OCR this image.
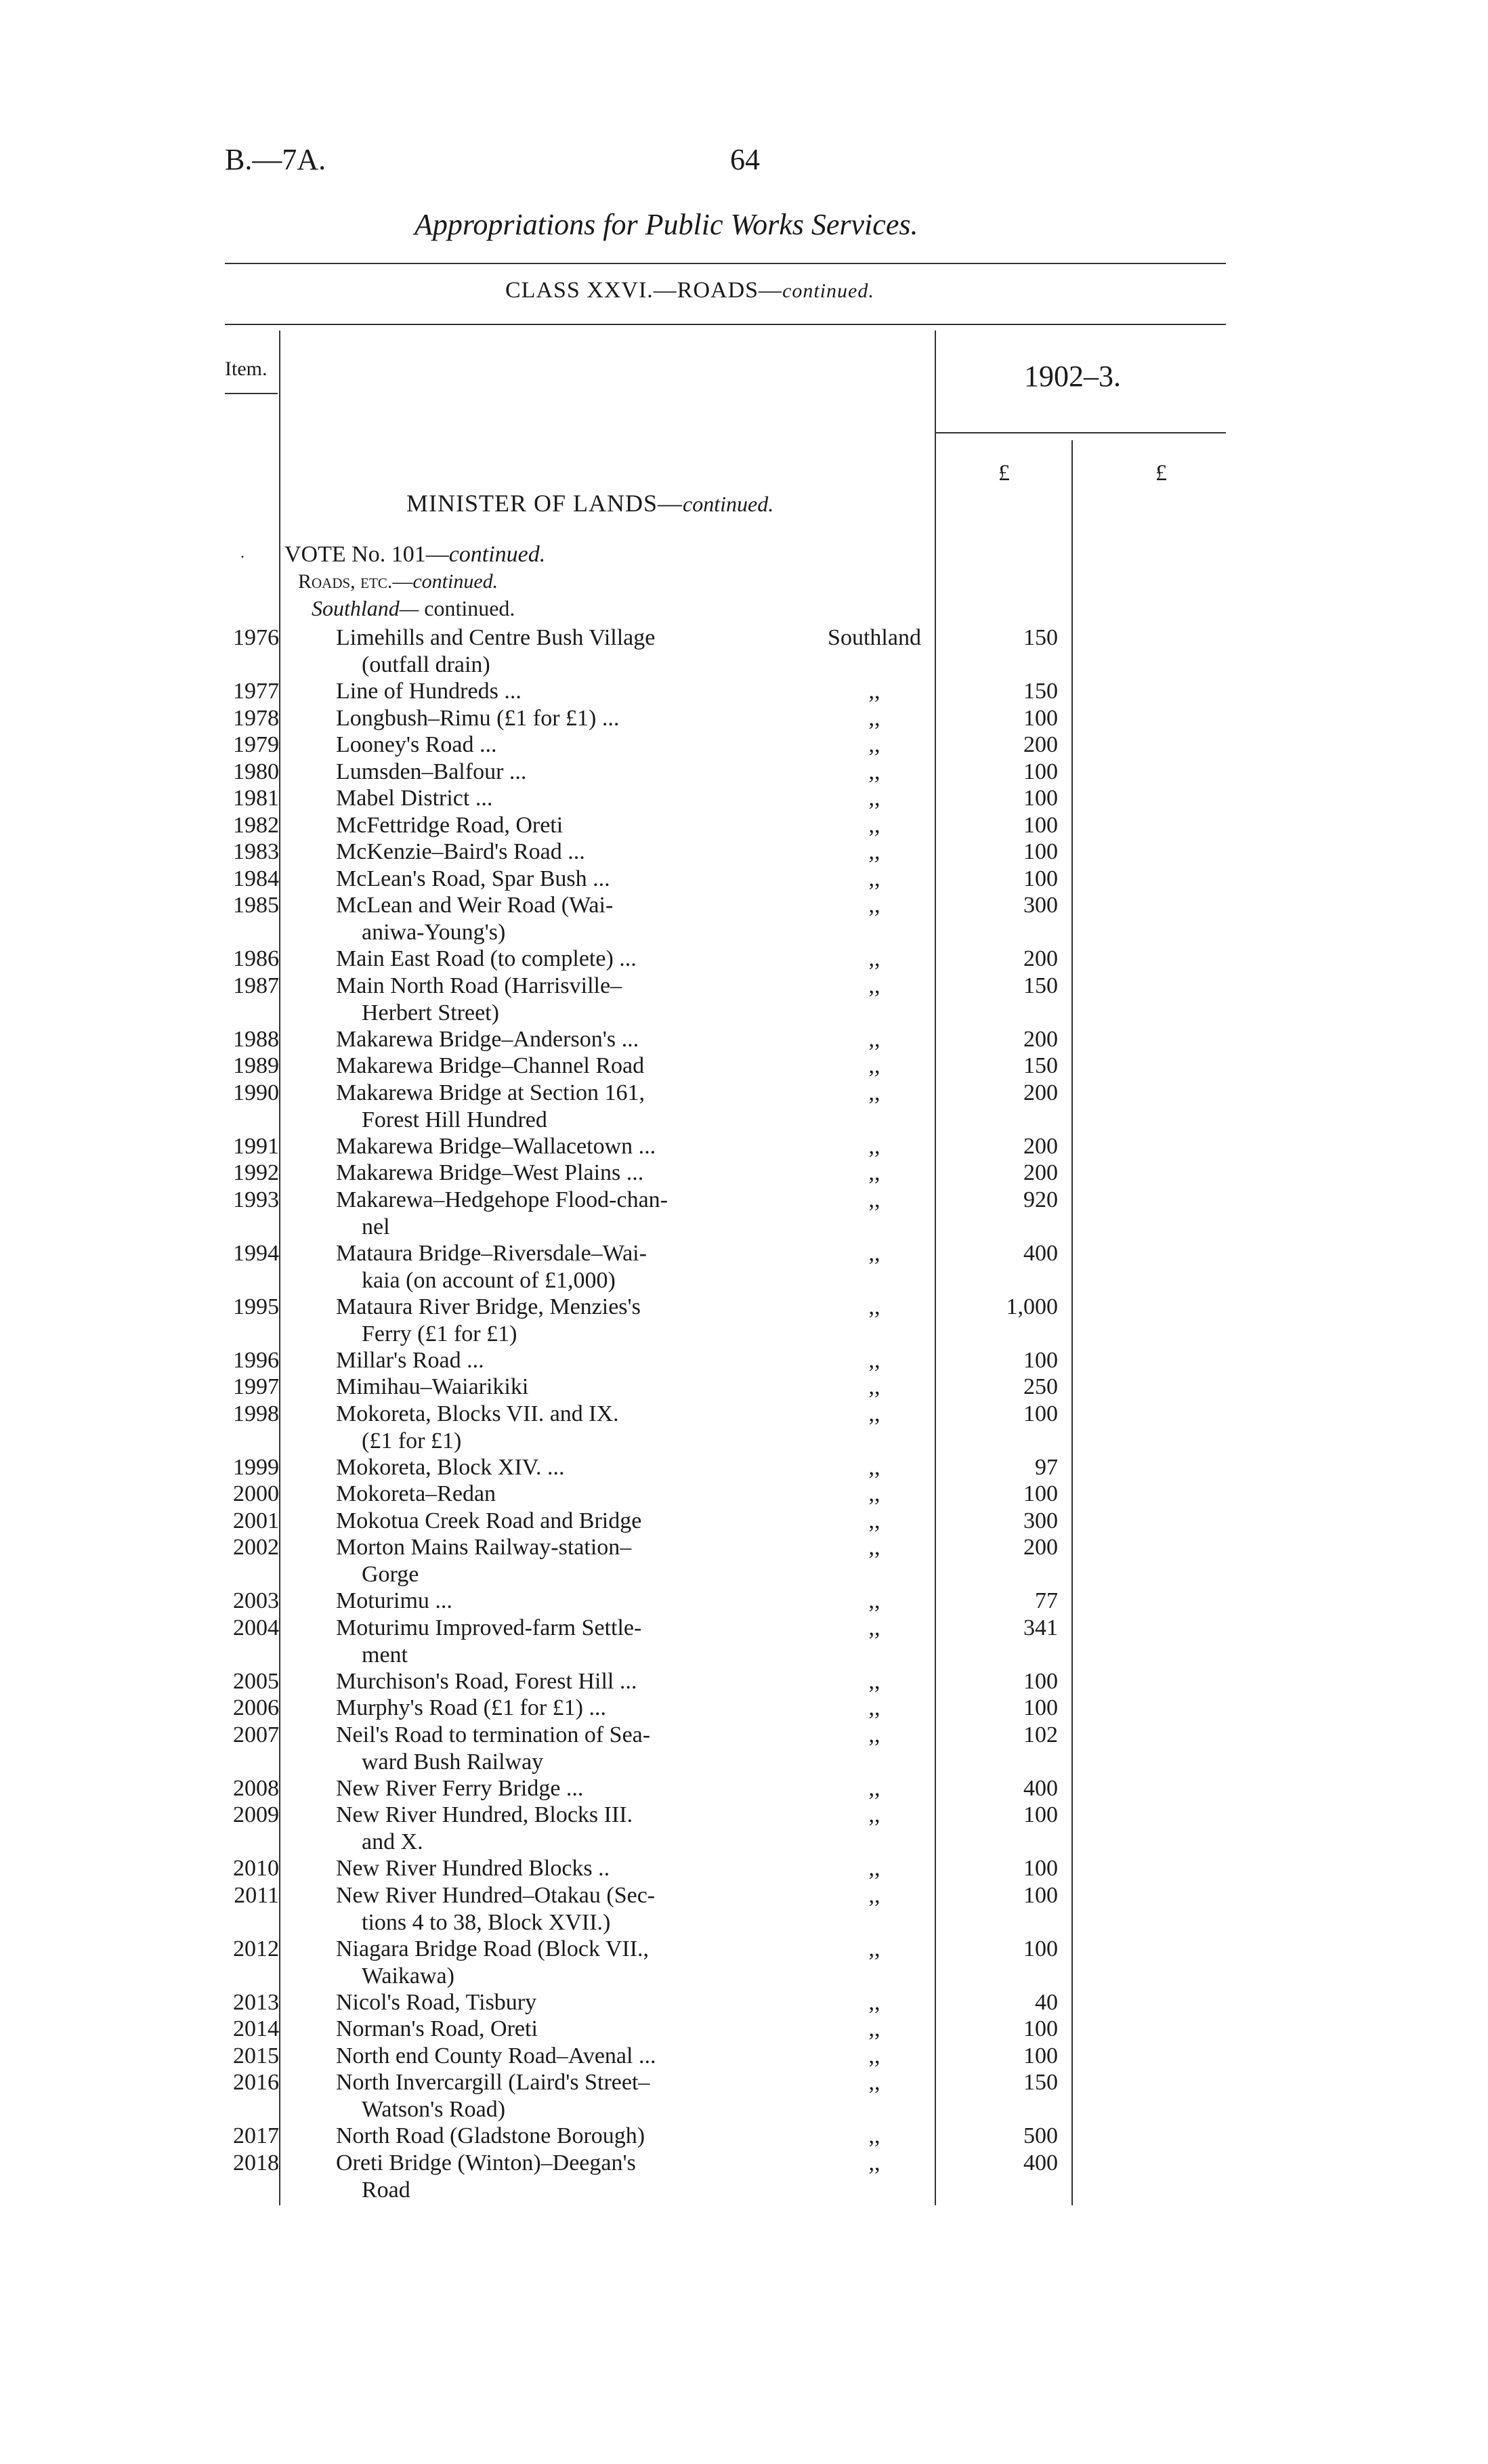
B.—7A.	64
Appropriations for Public Works Services.
CLASS XXVI.—ROADS—continued.
Item.	1902–3.
£	£
MINISTER OF LANDS—continued.
· VOTE No. 101—continued.
Roads, etc.—continued.
Southland— continued.
1976 Limehills and Centre Bush Village
(outfall drain)
Southland	150
1977 Line of Hundreds ...	,,	150
1978 Longbush–Rimu (£1 for £1) ...	,,	100
1979 Looney's Road ...	,,	200
1980 Lumsden–Balfour ...	,,	100
1981 Mabel District ...	,,	100
1982 McFettridge Road, Oreti	,,	100
1983 McKenzie–Baird's Road ...	,,	100
1984 McLean's Road, Spar Bush ...	,,	100
1985 McLean and Weir Road (Wai-
aniwa-Young's)
,,	300
1986 Main East Road (to complete) ...	,,	200
1987 Main North Road (Harrisville–
Herbert Street)
,,	150
1988 Makarewa Bridge–Anderson's ...	,,	200
1989 Makarewa Bridge–Channel Road	,,	150
1990 Makarewa Bridge at Section 161,
Forest Hill Hundred
,,	200
1991 Makarewa Bridge–Wallacetown ...	,,	200
1992 Makarewa Bridge–West Plains ...	,,	200
1993 Makarewa–Hedgehope Flood-chan-
nel
,,	920
1994 Mataura Bridge–Riversdale–Wai-
kaia (on account of £1,000)
,,	400
1995 Mataura River Bridge, Menzies's
Ferry (£1 for £1)
,,	1,000
1996 Millar's Road ...	,,	100
1997 Mimihau–Waiarikiki	,,	250
1998 Mokoreta, Blocks VII. and IX.
(£1 for £1)
,,	100
1999 Mokoreta, Block XIV. ...	,,	97
2000 Mokoreta–Redan	,,	100
2001 Mokotua Creek Road and Bridge	,,	300
2002 Morton Mains Railway-station–
Gorge
,,	200
2003 Moturimu ...	,,	77
2004 Moturimu Improved-farm Settle-
ment
,,	341
2005 Murchison's Road, Forest Hill ...	,,	100
2006 Murphy's Road (£1 for £1) ...	,,	100
2007 Neil's Road to termination of Sea-
ward Bush Railway
,,	102
2008 New River Ferry Bridge ...	,,	400
2009 New River Hundred, Blocks III.
and X.
,,	100
2010 New River Hundred Blocks ..	,,	100
2011 New River Hundred–Otakau (Sec-
tions 4 to 38, Block XVII.)
,,	100
2012 Niagara Bridge Road (Block VII.,
Waikawa)
,,	100
2013 Nicol's Road, Tisbury	,,	40
2014 Norman's Road, Oreti	,,	100
2015 North end County Road–Avenal ...	,,	100
2016 North Invercargill (Laird's Street–
Watson's Road)
,,	150
2017 North Road (Gladstone Borough)	,,	500
2018 Oreti Bridge (Winton)–Deegan's
Road
,,	400
